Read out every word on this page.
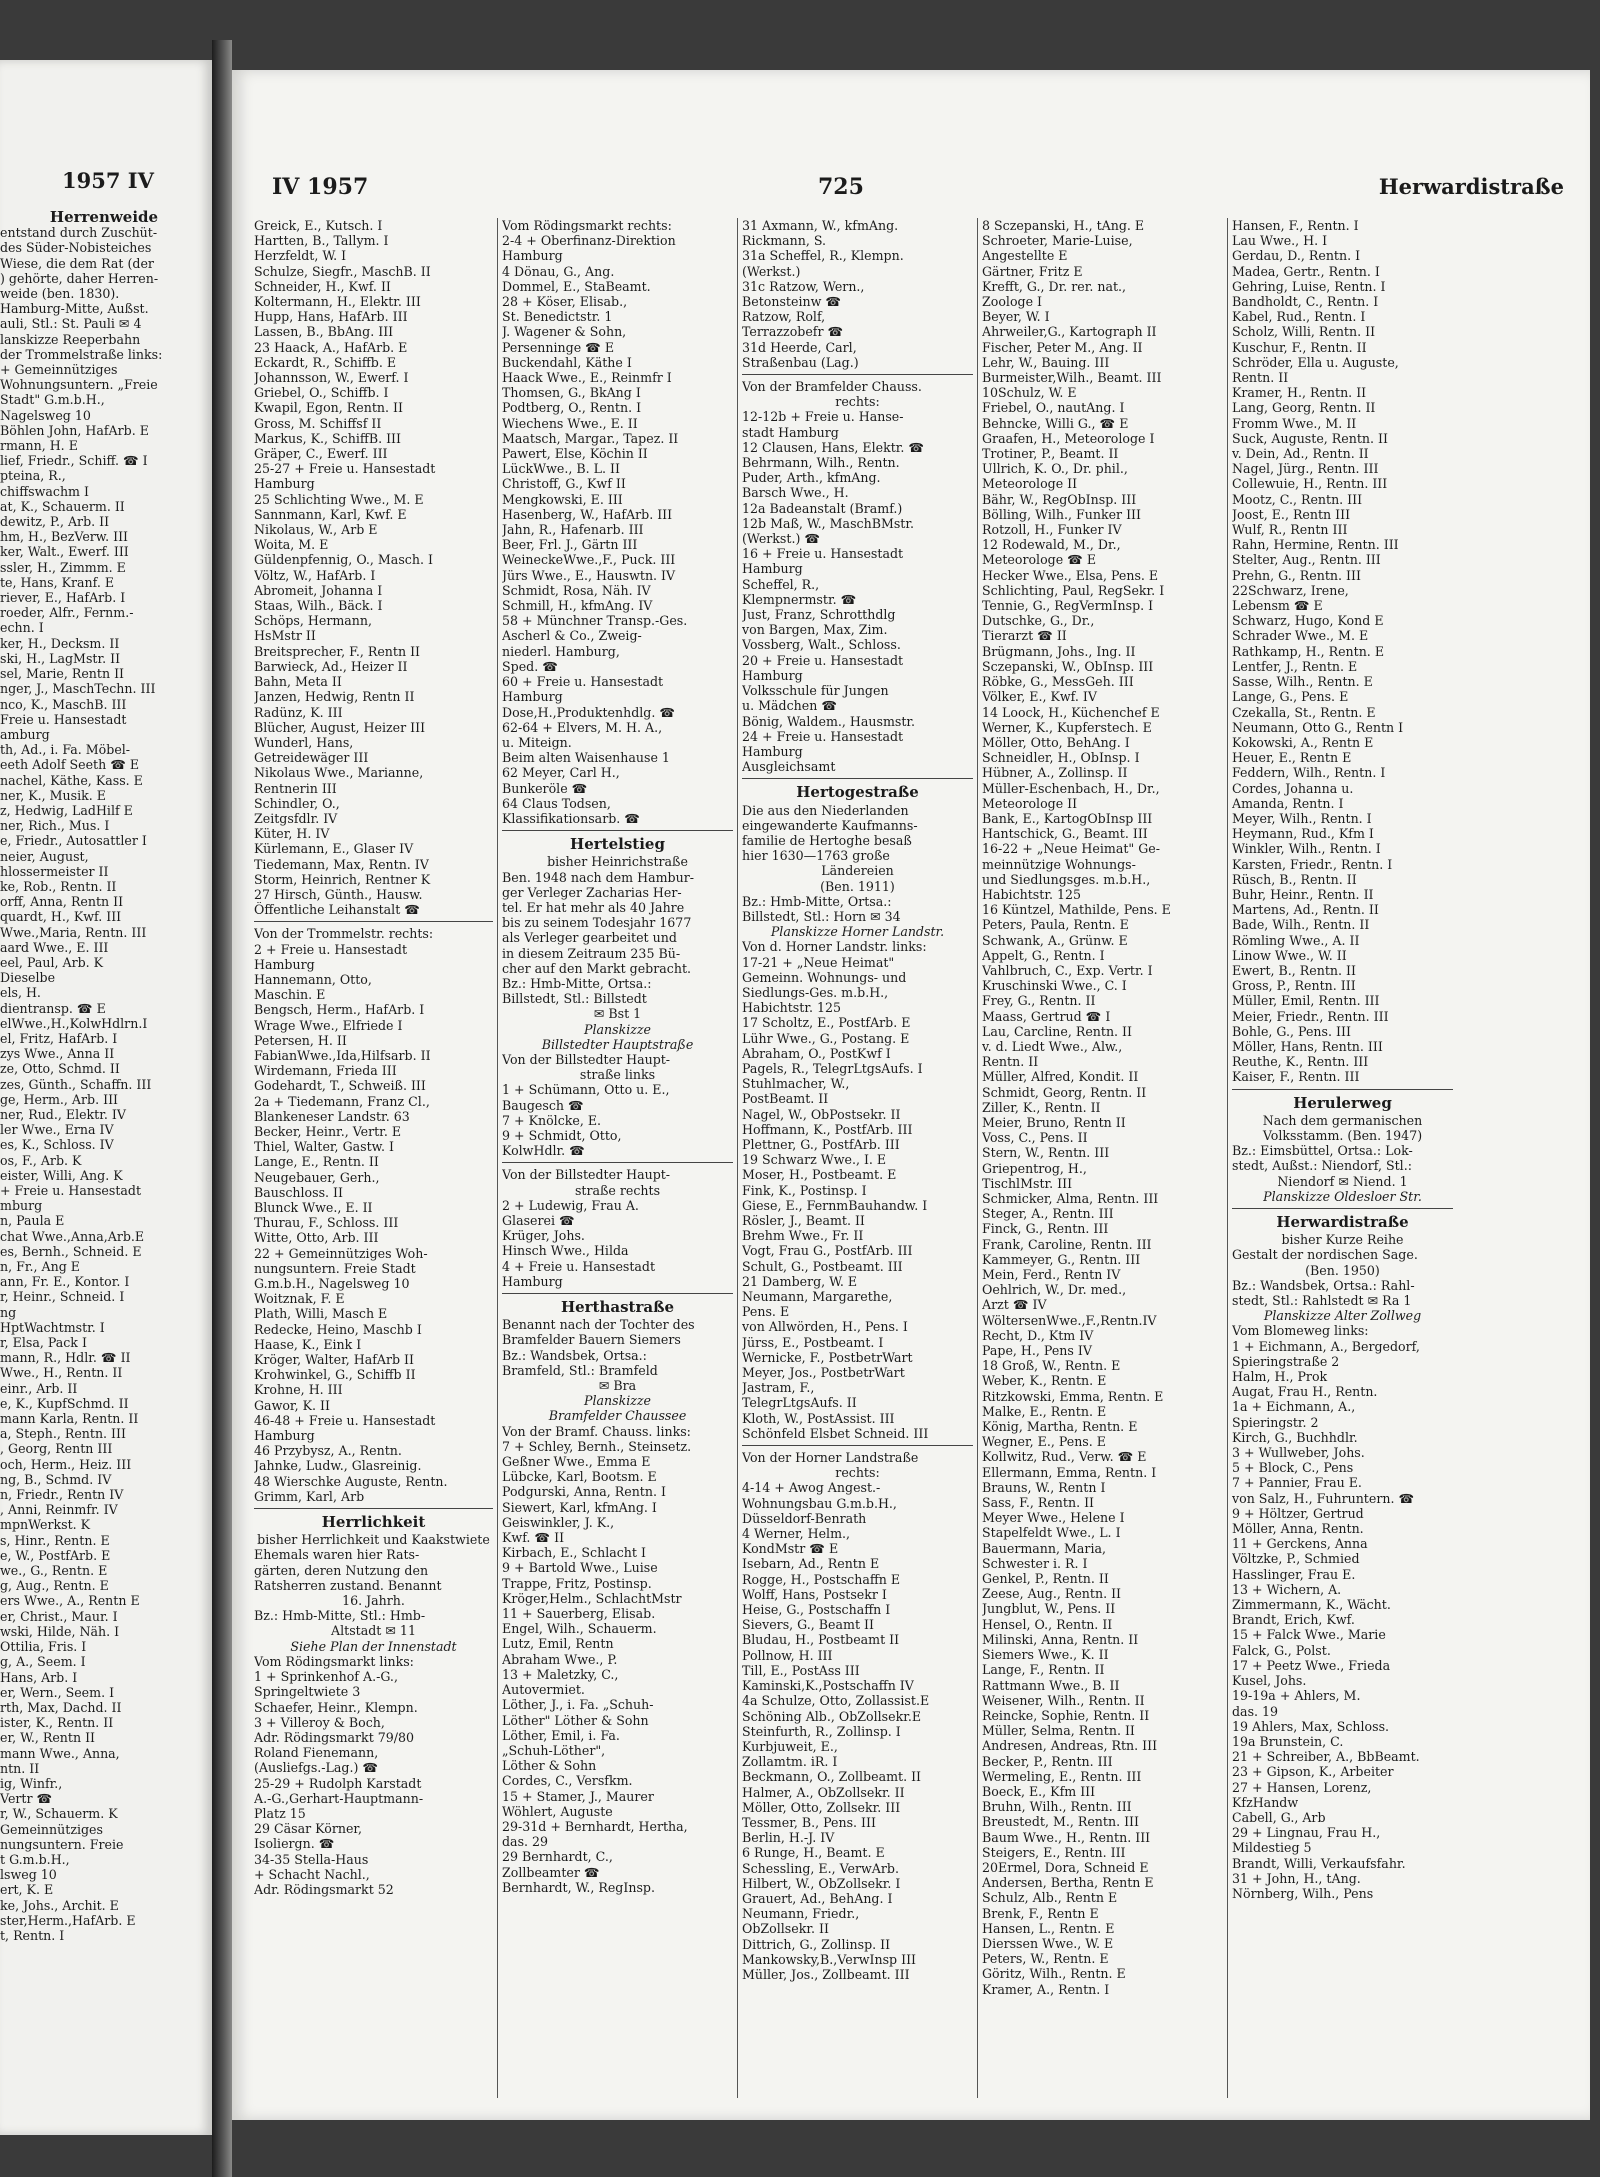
1957 IV

Herrenweide

entstand durch Zuschüt-

des Süder-Nobisteiches

Wiese, die dem Rat (der

) gehörte, daher Herren-

weide (ben. 1830).

Hamburg-Mitte, Außst.

auli, Stl.: St. Pauli ✉ 4

lanskizze Reeperbahn

der Trommelstraße links:

+ Gemeinnütziges

Wohnungsuntern. „Freie

Stadt" G.m.b.H.,

Nagelsweg 10

Böhlen John, HafArb. E

rmann, H. E

lief, Friedr., Schiff. ☎ I

pteina, R.,

chiffswachm I

at, K., Schauerm. II

dewitz, P., Arb. II

hm, H., BezVerw. III

ker, Walt., Ewerf. III

ssler, H., Zimmm. E

te, Hans, Kranf. E

riever, E., HafArb. I

roeder, Alfr., Fernm.-

echn. I

ker, H., Decksm. II

ski, H., LagMstr. II

sel, Marie, Rentn II

nger, J., MaschTechn. III

nco, K., MaschB. III

Freie u. Hansestadt

amburg

th, Ad., i. Fa. Möbel-

eeth Adolf Seeth ☎ E

nachel, Käthe, Kass. E

ner, K., Musik. E

z, Hedwig, LadHilf E

ner, Rich., Mus. I

e, Friedr., Autosattler I

neier, August,

hlossermeister II

ke, Rob., Rentn. II

orff, Anna, Rentn II

quardt, H., Kwf. III

Wwe.,Maria, Rentn. III

aard Wwe., E. III

eel, Paul, Arb. K

Dieselbe

els, H.

dientransp. ☎ E

elWwe.,H.,KolwHdlrn.I

el, Fritz, HafArb. I

zys Wwe., Anna II

ze, Otto, Schmd. II

zes, Günth., Schaffn. III

ge, Herm., Arb. III

ner, Rud., Elektr. IV

ler Wwe., Erna IV

es, K., Schloss. IV

os, F., Arb. K

eister, Willi, Ang. K

+ Freie u. Hansestadt

mburg

n, Paula E

chat Wwe.,Anna,Arb.E

es, Bernh., Schneid. E

n, Fr., Ang E

ann, Fr. E., Kontor. I

r, Heinr., Schneid. I

ng

HptWachtmstr. I

r, Elsa, Pack I

mann, R., Hdlr. ☎ II

Wwe., H., Rentn. II

einr., Arb. II

e, K., KupfSchmd. II

mann Karla, Rentn. II

a, Steph., Rentn. III

, Georg, Rentn III

och, Herm., Heiz. III

ng, B., Schmd. IV

n, Friedr., Rentn IV

, Anni, Reinmfr. IV

mpnWerkst. K

s, Hinr., Rentn. E

e, W., PostfArb. E

we., G., Rentn. E

g, Aug., Rentn. E

ers Wwe., A., Rentn E

er, Christ., Maur. I

wski, Hilde, Näh. I

Ottilia, Fris. I

g, A., Seem. I

Hans, Arb. I

er, Wern., Seem. I

rth, Max, Dachd. II

ister, K., Rentn. II

er, W., Rentn II

mann Wwe., Anna,

ntn. II

ig, Winfr.,

Vertr ☎

r, W., Schauerm. K

Gemeinnütziges

nungsuntern. Freie

t G.m.b.H.,

lsweg 10

ert, K. E

ke, Johs., Archit. E

ster,Herm.,HafArb. E

t, Rentn. I

IV 1957	725	Herwardistraße

Greick, E., Kutsch. I

Hartten, B., Tallym. I

Herzfeldt, W. I

Schulze, Siegfr., MaschB. II

Schneider, H., Kwf. II

Koltermann, H., Elektr. III

Hupp, Hans, HafArb. III

Lassen, B., BbAng. III

23 Haack, A., HafArb. E

Eckardt, R., Schiffb. E

Johannsson, W., Ewerf. I

Griebel, O., Schiffb. I

Kwapil, Egon, Rentn. II

Gross, M. Schiffsf II

Markus, K., SchiffB. III

Gräper, C., Ewerf. III

25-27 + Freie u. Hansestadt

Hamburg

25 Schlichting Wwe., M. E

Sannmann, Karl, Kwf. E

Nikolaus, W., Arb E

Woita, M. E

Güldenpfennig, O., Masch. I

Völtz, W., HafArb. I

Abromeit, Johanna I

Staas, Wilh., Bäck. I

Schöps, Hermann,

HsMstr II

Breitsprecher, F., Rentn II

Barwieck, Ad., Heizer II

Bahn, Meta II

Janzen, Hedwig, Rentn II

Radünz, K. III

Blücher, August, Heizer III

Wunderl, Hans,

Getreidewäger III

Nikolaus Wwe., Marianne,

Rentnerin III

Schindler, O.,

Zeitgsfdlr. IV

Küter, H. IV

Kürlemann, E., Glaser IV

Tiedemann, Max, Rentn. IV

Storm, Heinrich, Rentner K

27 Hirsch, Günth., Hausw.

Öffentliche Leihanstalt ☎

Von der Trommelstr. rechts:

2 + Freie u. Hansestadt

Hamburg

Hannemann, Otto,

Maschin. E

Bengsch, Herm., HafArb. I

Wrage Wwe., Elfriede I

Petersen, H. II

FabianWwe.,Ida,Hilfsarb. II

Wirdemann, Frieda III

Godehardt, T., Schweiß. III

2a + Tiedemann, Franz Cl.,

Blankeneser Landstr. 63

Becker, Heinr., Vertr. E

Thiel, Walter, Gastw. I

Lange, E., Rentn. II

Neugebauer, Gerh.,

Bauschloss. II

Blunck Wwe., E. II

Thurau, F., Schloss. III

Witte, Otto, Arb. III

22 + Gemeinnütziges Woh-

nungsuntern. Freie Stadt

G.m.b.H., Nagelsweg 10

Woitznak, F. E

Plath, Willi, Masch E

Redecke, Heino, Maschb I

Haase, K., Eink I

Kröger, Walter, HafArb II

Krohwinkel, G., Schiffb II

Krohne, H. III

Gawor, K. II

46-48 + Freie u. Hansestadt

Hamburg

46 Przybysz, A., Rentn.

Jahnke, Ludw., Glasreinig.

48 Wierschke Auguste, Rentn.

Grimm, Karl, Arb

Herrlichkeit

bisher Herrlichkeit und Kaakstwiete

Ehemals waren hier Rats-

gärten, deren Nutzung den

Ratsherren zustand. Benannt

16. Jahrh.

Bz.: Hmb-Mitte, Stl.: Hmb-

Altstadt ✉ 11

Siehe Plan der Innenstadt

Vom Rödingsmarkt links:

1 + Sprinkenhof A.-G.,

Springeltwiete 3

Schaefer, Heinr., Klempn.

3 + Villeroy & Boch,

Adr. Rödingsmarkt 79/80

Roland Fienemann,

(Ausliefgs.-Lag.) ☎

25-29 + Rudolph Karstadt

A.-G.,Gerhart-Hauptmann-

Platz 15

29 Cäsar Körner,

Isoliergn. ☎

34-35 Stella-Haus

+ Schacht Nachl.,

Adr. Rödingsmarkt 52

Vom Rödingsmarkt rechts:

2-4 + Oberfinanz-Direktion

Hamburg

4 Dönau, G., Ang.

Dommel, E., StaBeamt.

28 + Köser, Elisab.,

St. Benedictstr. 1

J. Wagener & Sohn,

Persenninge ☎ E

Buckendahl, Käthe I

Haack Wwe., E., Reinmfr I

Thomsen, G., BkAng I

Podtberg, O., Rentn. I

Wiechens Wwe., E. II

Maatsch, Margar., Tapez. II

Pawert, Else, Köchin II

LückWwe., B. L. II

Christoff, G., Kwf II

Mengkowski, E. III

Hasenberg, W., HafArb. III

Jahn, R., Hafenarb. III

Beer, Frl. J., Gärtn III

WeineckeWwe.,F., Puck. III

Jürs Wwe., E., Hauswtn. IV

Schmidt, Rosa, Näh. IV

Schmill, H., kfmAng. IV

58 + Münchner Transp.-Ges.

Ascherl & Co., Zweig-

niederl. Hamburg,

Sped. ☎

60 + Freie u. Hansestadt

Hamburg

Dose,H.,Produktenhdlg. ☎

62-64 + Elvers, M. H. A.,

u. Miteign.

Beim alten Waisenhause 1

62 Meyer, Carl H.,

Bunkeröle ☎

64 Claus Todsen,

Klassifikationsarb. ☎

Hertelstieg

bisher Heinrichstraße

Ben. 1948 nach dem Hambur-

ger Verleger Zacharias Her-

tel. Er hat mehr als 40 Jahre

bis zu seinem Todesjahr 1677

als Verleger gearbeitet und

in diesem Zeitraum 235 Bü-

cher auf den Markt gebracht.

Bz.: Hmb-Mitte, Ortsa.:

Billstedt, Stl.: Billstedt

✉ Bst 1

Planskizze

Billstedter Hauptstraße

Von der Billstedter Haupt-

straße links

1 + Schümann, Otto u. E.,

Baugesch ☎

7 + Knölcke, E.

9 + Schmidt, Otto,

KolwHdlr. ☎

Von der Billstedter Haupt-

straße rechts

2 + Ludewig, Frau A.

Glaserei ☎

Krüger, Johs.

Hinsch Wwe., Hilda

4 + Freie u. Hansestadt

Hamburg

Herthastraße

Benannt nach der Tochter des

Bramfelder Bauern Siemers

Bz.: Wandsbek, Ortsa.:

Bramfeld, Stl.: Bramfeld

✉ Bra

Planskizze

Bramfelder Chaussee

Von der Bramf. Chauss. links:

7 + Schley, Bernh., Steinsetz.

Geßner Wwe., Emma E

Lübcke, Karl, Bootsm. E

Podgurski, Anna, Rentn. I

Siewert, Karl, kfmAng. I

Geiswinkler, J. K.,

Kwf. ☎ II

Kirbach, E., Schlacht I

9 + Bartold Wwe., Luise

Trappe, Fritz, Postinsp.

Kröger,Helm., SchlachtMstr

11 + Sauerberg, Elisab.

Engel, Wilh., Schauerm.

Lutz, Emil, Rentn

Abraham Wwe., P.

13 + Maletzky, C.,

Autovermiet.

Löther, J., i. Fa. „Schuh-

Löther" Löther & Sohn

Löther, Emil, i. Fa.

„Schuh-Löther",

Löther & Sohn

Cordes, C., Versfkm.

15 + Stamer, J., Maurer

Wöhlert, Auguste

29-31d + Bernhardt, Hertha,

das. 29

29 Bernhardt, C.,

Zollbeamter ☎

Bernhardt, W., RegInsp.

31 Axmann, W., kfmAng.

Rickmann, S.

31a Scheffel, R., Klempn.

(Werkst.)

31c Ratzow, Wern.,

Betonsteinw ☎

Ratzow, Rolf,

Terrazzobefr ☎

31d Heerde, Carl,

Straßenbau (Lag.)

Von der Bramfelder Chauss.

rechts:

12-12b + Freie u. Hanse-

stadt Hamburg

12 Clausen, Hans, Elektr. ☎

Behrmann, Wilh., Rentn.

Puder, Arth., kfmAng.

Barsch Wwe., H.

12a Badeanstalt (Bramf.)

12b Maß, W., MaschBMstr.

(Werkst.) ☎

16 + Freie u. Hansestadt

Hamburg

Scheffel, R.,

Klempnermstr. ☎

Just, Franz, Schrotthdlg

von Bargen, Max, Zim.

Vossberg, Walt., Schloss.

20 + Freie u. Hansestadt

Hamburg

Volksschule für Jungen

u. Mädchen ☎

Bönig, Waldem., Hausmstr.

24 + Freie u. Hansestadt

Hamburg

Ausgleichsamt

Hertogestraße

Die aus den Niederlanden

eingewanderte Kaufmanns-

familie de Hertoghe besaß

hier 1630—1763 große

Ländereien

(Ben. 1911)

Bz.: Hmb-Mitte, Ortsa.:

Billstedt, Stl.: Horn ✉ 34

Planskizze Horner Landstr.

Von d. Horner Landstr. links:

17-21 + „Neue Heimat"

Gemeinn. Wohnungs- und

Siedlungs-Ges. m.b.H.,

Habichtstr. 125

17 Scholtz, E., PostfArb. E

Lühr Wwe., G., Postang. E

Abraham, O., PostKwf I

Pagels, R., TelegrLtgsAufs. I

Stuhlmacher, W.,

PostBeamt. II

Nagel, W., ObPostsekr. II

Hoffmann, K., PostfArb. III

Plettner, G., PostfArb. III

19 Schwarz Wwe., I. E

Moser, H., Postbeamt. E

Fink, K., Postinsp. I

Giese, E., FernmBauhandw. I

Rösler, J., Beamt. II

Brehm Wwe., Fr. II

Vogt, Frau G., PostfArb. III

Schult, G., Postbeamt. III

21 Damberg, W. E

Neumann, Margarethe,

Pens. E

von Allwörden, H., Pens. I

Jürss, E., Postbeamt. I

Wernicke, F., PostbetrWart

Meyer, Jos., PostbetrWart

Jastram, F.,

TelegrLtgsAufs. II

Kloth, W., PostAssist. III

Schönfeld Elsbet Schneid. III

Von der Horner Landstraße

rechts:

4-14 + Awog Angest.-

Wohnungsbau G.m.b.H.,

Düsseldorf-Benrath

4 Werner, Helm.,

KondMstr ☎ E

Isebarn, Ad., Rentn E

Rogge, H., Postschaffn E

Wolff, Hans, Postsekr I

Heise, G., Postschaffn I

Sievers, G., Beamt II

Bludau, H., Postbeamt II

Pollnow, H. III

Till, E., PostAss III

Kaminski,K.,Postschaffn IV

4a Schulze, Otto, Zollassist.E

Schöning Alb., ObZollsekr.E

Steinfurth, R., Zollinsp. I

Kurbjuweit, E.,

Zollamtm. iR. I

Beckmann, O., Zollbeamt. II

Halmer, A., ObZollsekr. II

Möller, Otto, Zollsekr. III

Tessmer, B., Pens. III

Berlin, H.-J. IV

6 Runge, H., Beamt. E

Schessling, E., VerwArb.

Hilbert, W., ObZollsekr. I

Grauert, Ad., BehAng. I

Neumann, Friedr.,

ObZollsekr. II

Dittrich, G., Zollinsp. II

Mankowsky,B.,VerwInsp III

Müller, Jos., Zollbeamt. III

8 Sczepanski, H., tAng. E

Schroeter, Marie-Luise,

Angestellte E

Gärtner, Fritz E

Krefft, G., Dr. rer. nat.,

Zoologe I

Beyer, W. I

Ahrweiler,G., Kartograph II

Fischer, Peter M., Ang. II

Lehr, W., Bauing. III

Burmeister,Wilh., Beamt. III

10Schulz, W. E

Friebel, O., nautAng. I

Behncke, Willi G., ☎ E

Graafen, H., Meteorologe I

Trotiner, P., Beamt. II

Ullrich, K. O., Dr. phil.,

Meteorologe II

Bähr, W., RegObInsp. III

Bölling, Wilh., Funker III

Rotzoll, H., Funker IV

12 Rodewald, M., Dr.,

Meteorologe ☎ E

Hecker Wwe., Elsa, Pens. E

Schlichting, Paul, RegSekr. I

Tennie, G., RegVermInsp. I

Dutschke, G., Dr.,

Tierarzt ☎ II

Brügmann, Johs., Ing. II

Sczepanski, W., ObInsp. III

Röbke, G., MessGeh. III

Völker, E., Kwf. IV

14 Loock, H., Küchenchef E

Werner, K., Kupferstech. E

Möller, Otto, BehAng. I

Schneidler, H., ObInsp. I

Hübner, A., Zollinsp. II

Müller-Eschenbach, H., Dr.,

Meteorologe II

Bank, E., KartogObInsp III

Hantschick, G., Beamt. III

16-22 + „Neue Heimat" Ge-

meinnützige Wohnungs-

und Siedlungsges. m.b.H.,

Habichtstr. 125

16 Küntzel, Mathilde, Pens. E

Peters, Paula, Rentn. E

Schwank, A., Grünw. E

Appelt, G., Rentn. I

Vahlbruch, C., Exp. Vertr. I

Kruschinski Wwe., C. I

Frey, G., Rentn. II

Maass, Gertrud ☎ I

Lau, Carcline, Rentn. II

v. d. Liedt Wwe., Alw.,

Rentn. II

Müller, Alfred, Kondit. II

Schmidt, Georg, Rentn. II

Ziller, K., Rentn. II

Meier, Bruno, Rentn II

Voss, C., Pens. II

Stern, W., Rentn. III

Griepentrog, H.,

TischlMstr. III

Schmicker, Alma, Rentn. III

Steger, A., Rentn. III

Finck, G., Rentn. III

Frank, Caroline, Rentn. III

Kammeyer, G., Rentn. III

Mein, Ferd., Rentn IV

Oehlrich, W., Dr. med.,

Arzt ☎ IV

WöltersenWwe.,F.,Rentn.IV

Recht, D., Ktm IV

Pape, H., Pens IV

18 Groß, W., Rentn. E

Weber, K., Rentn. E

Ritzkowski, Emma, Rentn. E

Malke, E., Rentn. E

König, Martha, Rentn. E

Wegner, E., Pens. E

Kollwitz, Rud., Verw. ☎ E

Ellermann, Emma, Rentn. I

Brauns, W., Rentn I

Sass, F., Rentn. II

Meyer Wwe., Helene I

Stapelfeldt Wwe., L. I

Bauermann, Maria,

Schwester i. R. I

Genkel, P., Rentn. II

Zeese, Aug., Rentn. II

Jungblut, W., Pens. II

Hensel, O., Rentn. II

Milinski, Anna, Rentn. II

Siemers Wwe., K. II

Lange, F., Rentn. II

Rattmann Wwe., B. II

Weisener, Wilh., Rentn. II

Reincke, Sophie, Rentn. II

Müller, Selma, Rentn. II

Andresen, Andreas, Rtn. III

Becker, P., Rentn. III

Wermeling, E., Rentn. III

Boeck, E., Kfm III

Bruhn, Wilh., Rentn. III

Breustedt, M., Rentn. III

Baum Wwe., H., Rentn. III

Steigers, E., Rentn. III

20Ermel, Dora, Schneid E

Andersen, Bertha, Rentn E

Schulz, Alb., Rentn E

Brenk, F., Rentn E

Hansen, L., Rentn. E

Dierssen Wwe., W. E

Peters, W., Rentn. E

Göritz, Wilh., Rentn. E

Kramer, A., Rentn. I

Hansen, F., Rentn. I

Lau Wwe., H. I

Gerdau, D., Rentn. I

Madea, Gertr., Rentn. I

Gehring, Luise, Rentn. I

Bandholdt, C., Rentn. I

Kabel, Rud., Rentn. I

Scholz, Willi, Rentn. II

Kuschur, F., Rentn. II

Schröder, Ella u. Auguste,

Rentn. II

Kramer, H., Rentn. II

Lang, Georg, Rentn. II

Fromm Wwe., M. II

Suck, Auguste, Rentn. II

v. Dein, Ad., Rentn. II

Nagel, Jürg., Rentn. III

Collewuie, H., Rentn. III

Mootz, C., Rentn. III

Joost, E., Rentn III

Wulf, R., Rentn III

Rahn, Hermine, Rentn. III

Stelter, Aug., Rentn. III

Prehn, G., Rentn. III

22Schwarz, Irene,

Lebensm ☎ E

Schwarz, Hugo, Kond E

Schrader Wwe., M. E

Rathkamp, H., Rentn. E

Lentfer, J., Rentn. E

Sasse, Wilh., Rentn. E

Lange, G., Pens. E

Czekalla, St., Rentn. E

Neumann, Otto G., Rentn I

Kokowski, A., Rentn E

Heuer, E., Rentn E

Feddern, Wilh., Rentn. I

Cordes, Johanna u.

Amanda, Rentn. I

Meyer, Wilh., Rentn. I

Heymann, Rud., Kfm I

Winkler, Wilh., Rentn. I

Karsten, Friedr., Rentn. I

Rüsch, B., Rentn. II

Buhr, Heinr., Rentn. II

Martens, Ad., Rentn. II

Bade, Wilh., Rentn. II

Römling Wwe., A. II

Linow Wwe., W. II

Ewert, B., Rentn. II

Gross, P., Rentn. III

Müller, Emil, Rentn. III

Meier, Friedr., Rentn. III

Bohle, G., Pens. III

Möller, Hans, Rentn. III

Reuthe, K., Rentn. III

Kaiser, F., Rentn. III

Herulerweg

Nach dem germanischen

Volksstamm. (Ben. 1947)

Bz.: Eimsbüttel, Ortsa.: Lok-

stedt, Außst.: Niendorf, Stl.:

Niendorf ✉ Niend. 1

Planskizze Oldesloer Str.

Herwardistraße

bisher Kurze Reihe

Gestalt der nordischen Sage.

(Ben. 1950)

Bz.: Wandsbek, Ortsa.: Rahl-

stedt, Stl.: Rahlstedt ✉ Ra 1

Planskizze Alter Zollweg

Vom Blomeweg links:

1 + Eichmann, A., Bergedorf,

Spieringstraße 2

Halm, H., Prok

Augat, Frau H., Rentn.

1a + Eichmann, A.,

Spieringstr. 2

Kirch, G., Buchhdlr.

3 + Wullweber, Johs.

5 + Block, C., Pens

7 + Pannier, Frau E.

von Salz, H., Fuhruntern. ☎

9 + Höltzer, Gertrud

Möller, Anna, Rentn.

11 + Gerckens, Anna

Völtzke, P., Schmied

Hasslinger, Frau E.

13 + Wichern, A.

Zimmermann, K., Wächt.

Brandt, Erich, Kwf.

15 + Falck Wwe., Marie

Falck, G., Polst.

17 + Peetz Wwe., Frieda

Kusel, Johs.

19-19a + Ahlers, M.

das. 19

19 Ahlers, Max, Schloss.

19a Brunstein, C.

21 + Schreiber, A., BbBeamt.

23 + Gipson, K., Arbeiter

27 + Hansen, Lorenz,

KfzHandw

Cabell, G., Arb

29 + Lingnau, Frau H.,

Mildestieg 5

Brandt, Willi, Verkaufsfahr.

31 + John, H., tAng.

Nörnberg, Wilh., Pens
